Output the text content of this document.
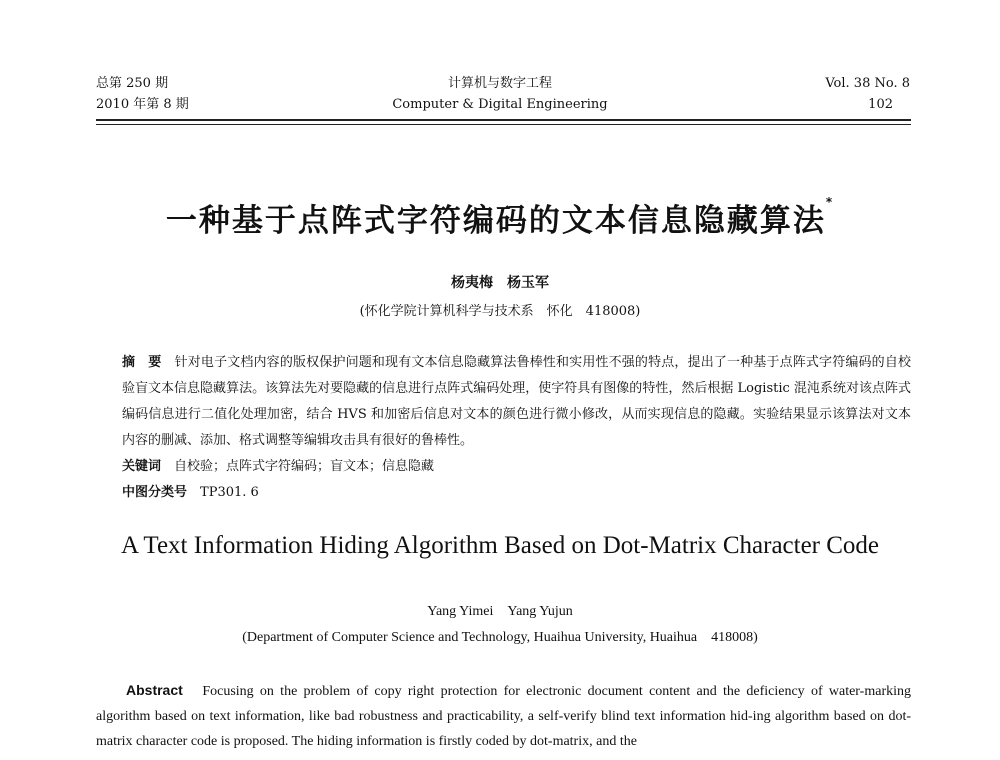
总第 250 期
2010 年第 8 期
计算机与数字工程
Computer & Digital Engineering
Vol. 38 No. 8
102
一种基于点阵式字符编码的文本信息隐藏算法*
杨夷梅　杨玉军
(怀化学院计算机科学与技术系　怀化　418008)
摘　要　 针对电子文档内容的版权保护问题和现有文本信息隐藏算法鲁棒性和实用性不强的特点，提出了一种基于点阵式字符编码的自校验盲文本信息隐藏算法。该算法先对要隐藏的信息进行点阵式编码处理，使字符具有图像的特性，然后根据 Logistic 混沌系统对该点阵式编码信息进行二值化处理加密，结合 HVS 和加密后信息对文本的颜色进行微小修改，从而实现信息的隐藏。实验结果显示该算法对文本内容的删减、添加、格式调整等编辑攻击具有很好的鲁棒性。
关键词　 自校验；点阵式字符编码；盲文本；信息隐藏
中图分类号　 TP301. 6
A Text Information Hiding Algorithm Based on Dot-Matrix Character Code
Yang Yimei　Yang Yujun
(Department of Computer Science and Technology, Huaihua University, Huaihua　418008)
Abstract　 Focusing on the problem of copy right protection for electronic document content and the deficiency of water-marking algorithm based on text information, like bad robustness and practicability, a self-verify blind text information hid-ing algorithm based on dot-matrix character code is proposed. The hiding information is firstly coded by dot-matrix, and the
